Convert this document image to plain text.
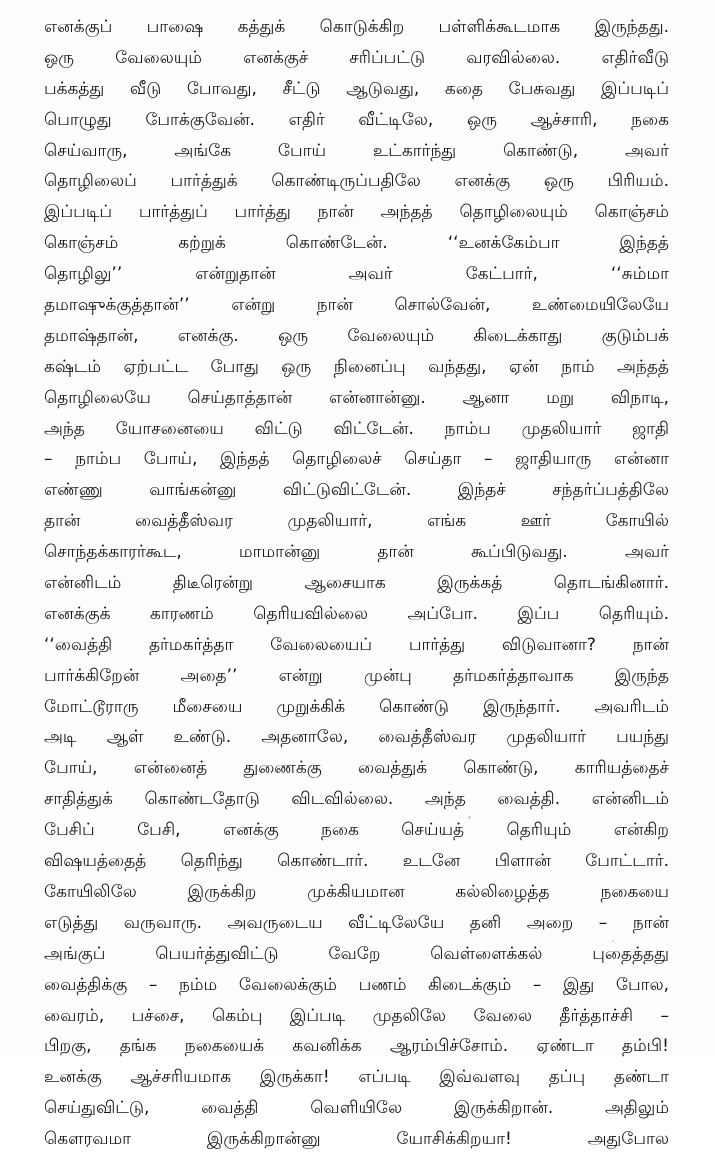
எனக்குப் பாஷை கத்துக் கொடுக்கிற பள்ளிக்கூடமாக இருந்தது.
ஒரு வேலையும் எனக்குச் சரிப்பட்டு வரவில்லை. எதிர்வீடு
பக்கத்து வீடு போவது, சீட்டு ஆடுவது, கதை பேசுவது இப்படிப்
பொழுது போக்குவேன். எதிர் வீட்டிலே, ஒரு ஆச்சாரி, நகை
செய்வாரு, அங்கே போய் உட்கார்ந்து கொண்டு, அவர்
தொழிலைப் பார்த்துக் கொண்டிருப்பதிலே எனக்கு ஒரு பிரியம்.
இப்படிப் பார்த்துப் பார்த்து நான் அந்தத் தொழிலையும் கொஞ்சம்
கொஞ்சம் கற்றுக் கொண்டேன். ‘‘உனக்கேம்பா இந்தத்
தொழிலு’’ என்றுதான் அவர் கேட்பார், ‘‘சும்மா
தமாஷுக்குத்தான்’’ என்று நான் சொல்வேன், உண்மையிலேயே
தமாஷ்தான், எனக்கு. ஒரு வேலையும் கிடைக்காது குடும்பக்
கஷ்டம் ஏற்பட்ட போது ஒரு நினைப்பு வந்தது, ஏன் நாம் அந்தத்
தொழிலையே செய்தாத்தான் என்னான்னு. ஆனா மறு விநாடி,
அந்த யோசனையை விட்டு விட்டேன். நாம்ப முதலியார் ஜாதி
– நாம்ப போய், இந்தத் தொழிலைச் செய்தா – ஜாதியாரு என்னா
எண்ணு வாங்கன்னு விட்டுவிட்டேன். இந்தச் சந்தர்ப்பத்திலே
தான் வைத்தீஸ்வர முதலியார், எங்க ஊர் கோயில்
சொந்தக்காரர்கூட, மாமான்னு தான் கூப்பிடுவது. அவர்
என்னிடம் திடீரென்று ஆசையாக இருக்கத் தொடங்கினார்.
எனக்குக் காரணம் தெரியவில்லை அப்போ. இப்ப தெரியும்.
‘‘வைத்தி தர்மகர்த்தா வேலையைப் பார்த்து விடுவானா? நான்
பார்க்கிறேன் அதை’’ என்று முன்பு தர்மகர்த்தாவாக இருந்த
மோட்டூராரு மீசையை முறுக்கிக் கொண்டு இருந்தார். அவரிடம்
அடி ஆள் உண்டு. அதனாலே, வைத்தீஸ்வர முதலியார் பயந்து
போய், என்னைத் துணைக்கு வைத்துக் கொண்டு, காரியத்தைச்
சாதித்துக் கொண்டதோடு விடவில்லை. அந்த வைத்தி. என்னிடம்
பேசிப் பேசி, எனக்கு நகை செய்யத் தெரியும் என்கிற
விஷயத்தைத் தெரிந்து கொண்டார். உடனே பிளான் போட்டார்.
கோயிலிலே இருக்கிற முக்கியமான கல்லிழைத்த நகையை
எடுத்து வருவாரு. அவருடைய வீட்டிலேயே தனி அறை – நான்
அங்குப் பெயர்த்துவிட்டு வேறே வெள்ளைக்கல் புதைத்தது
வைத்திக்கு – நம்ம வேலைக்கும் பணம் கிடைக்கும் – இது போல,
வைரம், பச்சை, கெம்பு இப்படி முதலிலே வேலை தீர்த்தாச்சி –
பிறகு, தங்க நகையைக் கவனிக்க ஆரம்பிச்சோம். ஏண்டா தம்பி!
உனக்கு ஆச்சரியமாக இருக்கா! எப்படி இவ்வளவு தப்பு தண்டா
செய்துவிட்டு, வைத்தி வெளியிலே இருக்கிறான். அதிலும்
கௌரவமா இருக்கிறான்னு யோசிக்கிறயா! அதுபோல
